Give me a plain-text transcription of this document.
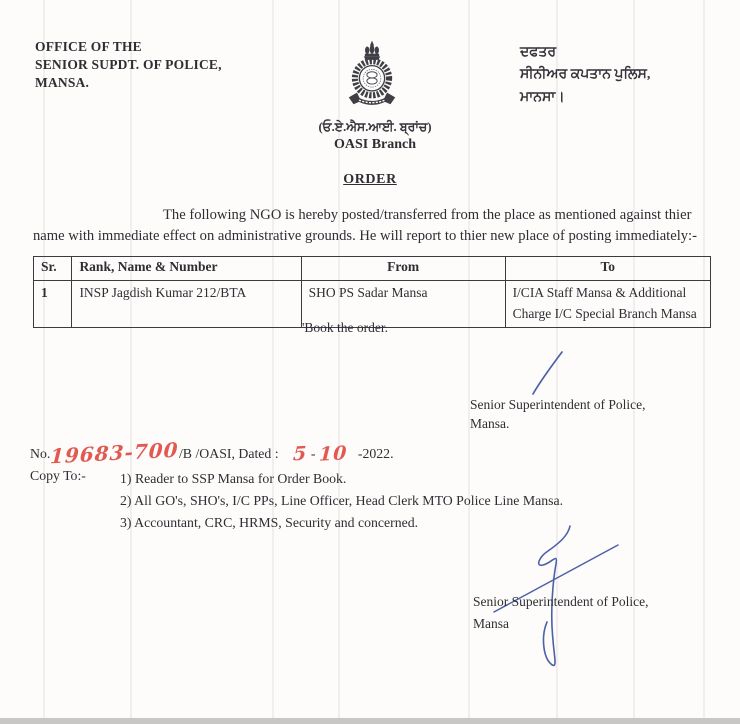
OFFICE OF THE
SENIOR SUPDT. OF POLICE,
MANSA.
ਦਫਤਰ
ਸੀਨੀਅਰ ਕਪਤਾਨ ਪੁਲਿਸ,
ਮਾਨਸਾ।
(ਓ.ਏ.ਐਸ.ਆਈ. ਬ੍ਰਾਂਚ)
OASI Branch
ORDER
The following NGO is hereby posted/transferred from the place as mentioned against thier name with immediate effect on administrative grounds. He will report to thier new place of posting immediately:-
Sr.	Rank, Name & Number	From	To
1	INSP Jagdish Kumar 212/BTA	SHO PS Sadar Mansa	I/CIA Staff Mansa & Additional Charge I/C Special Branch Mansa
'Book the order.
Senior Superintendent of Police,
Mansa.
No.19683-700/B /OASI, Dated : 5 - 10 -2022.
Copy To:- 1) Reader to SSP Mansa for Order Book.
2) All GO's, SHO's, I/C PPs, Line Officer, Head Clerk MTO Police Line Mansa.
3) Accountant, CRC, HRMS, Security and concerned.
Senior Superintendent of Police,
Mansa
